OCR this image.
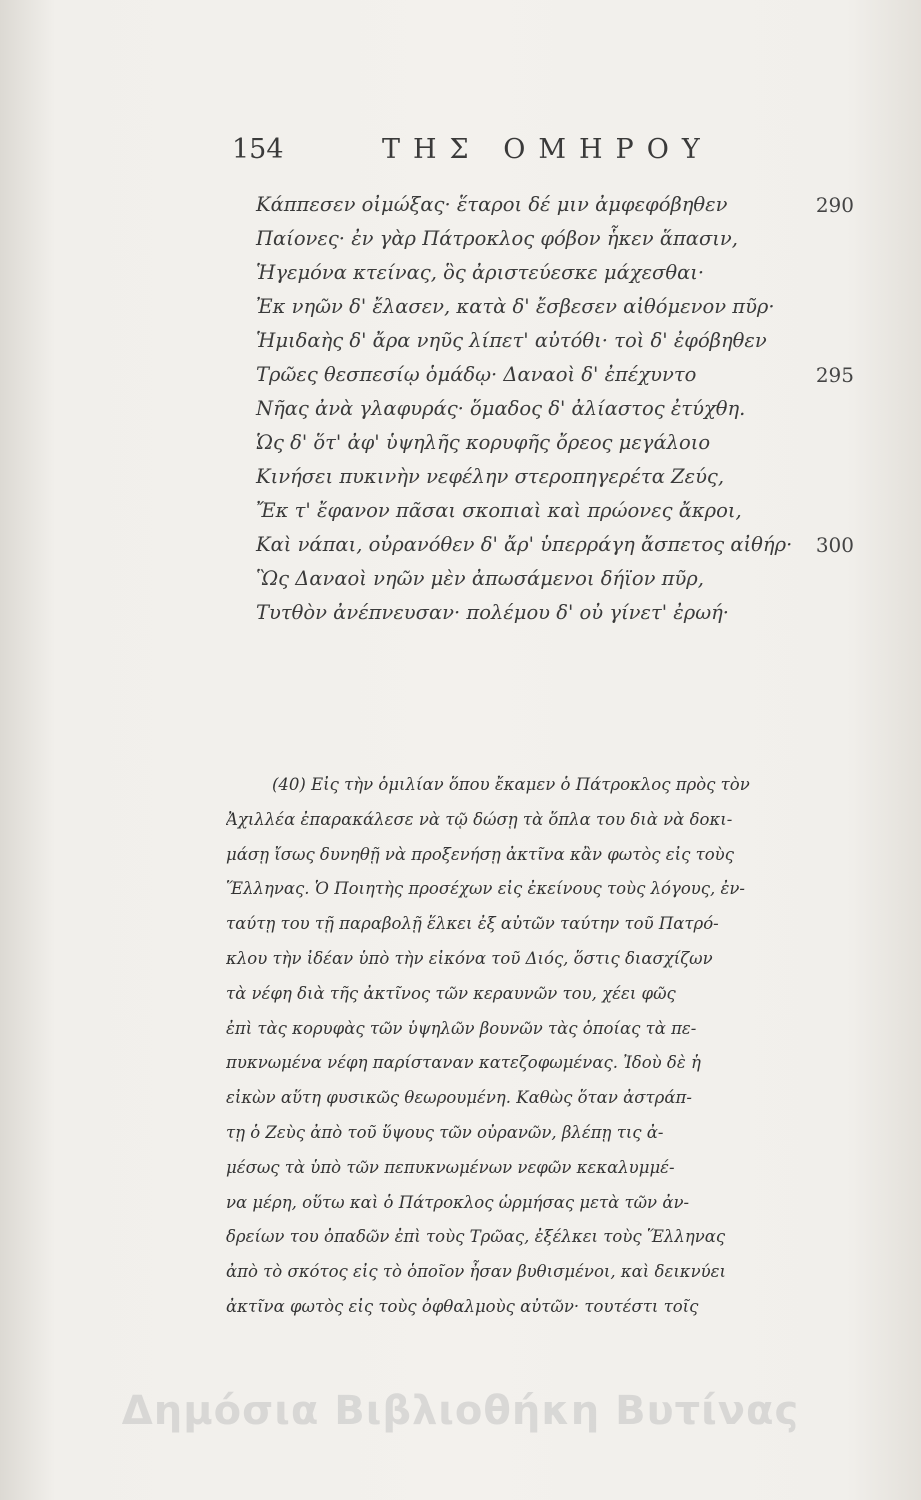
154	ΤΗΣ ΟΜΗΡΟΥ
Κάππεσεν οἰμώξας· ἕταροι δέ μιν ἀμφεφόβηθεν	290
Παίονες· ἐν γὰρ Πάτροκλος φόβον ἧκεν ἅπασιν,
Ἡγεμόνα κτείνας, ὃς ἀριστεύεσκε μάχεσθαι·
Ἐκ νηῶν δ' ἔλασεν, κατὰ δ' ἔσβεσεν αἰθόμενον πῦρ·
Ἡμιδαὴς δ' ἄρα νηῦς λίπετ' αὐτόθι· τοὶ δ' ἐφόβηθεν
Τρῶες θεσπεσίῳ ὁμάδῳ· Δαναοὶ δ' ἐπέχυντο	295
Νῆας ἀνὰ γλαφυράς· ὅμαδος δ' ἀλίαστος ἐτύχθη.
Ὡς δ' ὅτ' ἀφ' ὑψηλῆς κορυφῆς ὄρεος μεγάλοιο
Κινήσει πυκινὴν νεφέλην στεροπηγερέτα Ζεύς,
Ἔκ τ' ἔφανον πᾶσαι σκοπιαὶ καὶ πρώονες ἄκροι,
Καὶ νάπαι, οὐρανόθεν δ' ἄρ' ὑπερράγη ἄσπετος αἰθήρ· 300
Ὣς Δαναοὶ νηῶν μὲν ἀπωσάμενοι δήϊον πῦρ,
Τυτθὸν ἀνέπνευσαν· πολέμου δ' οὐ γίνετ' ἐρωή·
(40) Εἰς τὴν ὁμιλίαν ὅπου ἔκαμεν ὁ Πάτροκλος πρὸς τὸν
Ἀχιλλέα ἐπαρακάλεσε νὰ τῷ δώσῃ τὰ ὅπλα του διὰ νὰ δοκι-
μάσῃ ἴσως δυνηθῇ νὰ προξενήσῃ ἀκτῖνα κἂν φωτὸς εἰς τοὺς
Ἕλληνας. Ὁ Ποιητὴς προσέχων εἰς ἐκείνους τοὺς λόγους, ἐν-
ταύτῃ του τῇ παραβολῇ ἕλκει ἐξ αὐτῶν ταύτην τοῦ Πατρό-
κλου τὴν ἰδέαν ὑπὸ τὴν εἰκόνα τοῦ Διός, ὅστις διασχίζων
τὰ νέφη διὰ τῆς ἀκτῖνος τῶν κεραυνῶν του, χέει φῶς
ἐπὶ τὰς κορυφὰς τῶν ὑψηλῶν βουνῶν τὰς ὁποίας τὰ πε-
πυκνωμένα νέφη παρίσταναν κατεζοφωμένας. Ἰδοὺ δὲ ἡ
εἰκὼν αὕτη φυσικῶς θεωρουμένη. Καθὼς ὅταν ἀστράπ-
τῃ ὁ Ζεὺς ἀπὸ τοῦ ὕψους τῶν οὐρανῶν, βλέπῃ τις ἀ-
μέσως τὰ ὑπὸ τῶν πεπυκνωμένων νεφῶν κεκαλυμμέ-
να μέρη, οὕτω καὶ ὁ Πάτροκλος ὡρμήσας μετὰ τῶν ἀν-
δρείων του ὀπαδῶν ἐπὶ τοὺς Τρῶας, ἐξέλκει τοὺς Ἕλληνας
ἀπὸ τὸ σκότος εἰς τὸ ὁποῖον ἦσαν βυθισμένοι, καὶ δεικνύει
ἀκτῖνα φωτὸς εἰς τοὺς ὀφθαλμοὺς αὐτῶν· τουτέστι τοῖς
Δημόσια Βιβλιοθήκη Βυτίνας
